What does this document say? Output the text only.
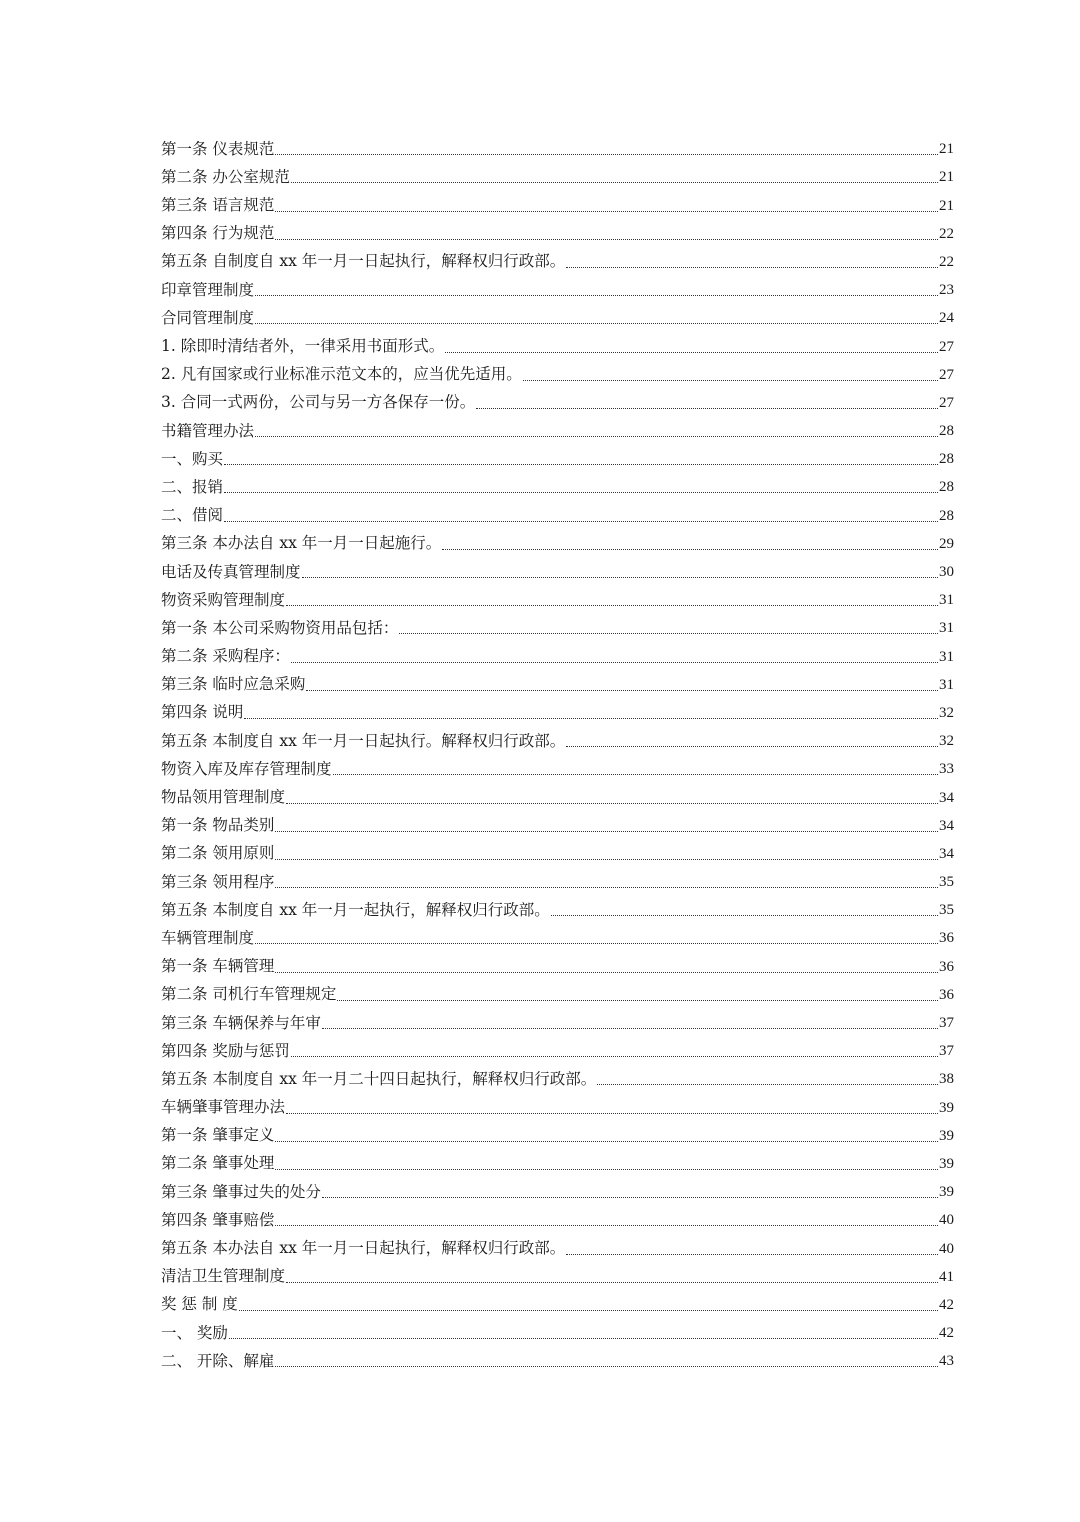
第一条 仪表规范	21
第二条 办公室规范	21
第三条 语言规范	21
第四条 行为规范	22
第五条 自制度自 xx 年一月一日起执行，解释权归行政部。	22
印章管理制度	23
合同管理制度	24
1. 除即时清结者外，一律采用书面形式。	27
2. 凡有国家或行业标准示范文本的，应当优先适用。	27
3. 合同一式两份，公司与另一方各保存一份。	27
书籍管理办法	28
一、购买	28
二、报销	28
二、借阅	28
第三条 本办法自 xx 年一月一日起施行。	29
电话及传真管理制度	30
物资采购管理制度	31
第一条 本公司采购物资用品包括：	31
第二条 采购程序：	31
第三条 临时应急采购	31
第四条 说明	32
第五条 本制度自 xx 年一月一日起执行。解释权归行政部。	32
物资入库及库存管理制度	33
物品领用管理制度	34
第一条 物品类别	34
第二条 领用原则	34
第三条 领用程序	35
第五条 本制度自 xx 年一月一起执行，解释权归行政部。	35
车辆管理制度	36
第一条 车辆管理	36
第二条 司机行车管理规定	36
第三条 车辆保养与年审	37
第四条 奖励与惩罚	37
第五条 本制度自 xx 年一月二十四日起执行，解释权归行政部。	38
车辆肇事管理办法	39
第一条 肇事定义	39
第二条 肇事处理	39
第三条 肇事过失的处分	39
第四条 肇事赔偿	40
第五条 本办法自 xx 年一月一日起执行，解释权归行政部。	40
清洁卫生管理制度	41
奖 惩 制 度	42
一、 奖励	42
二、 开除、解雇	43
